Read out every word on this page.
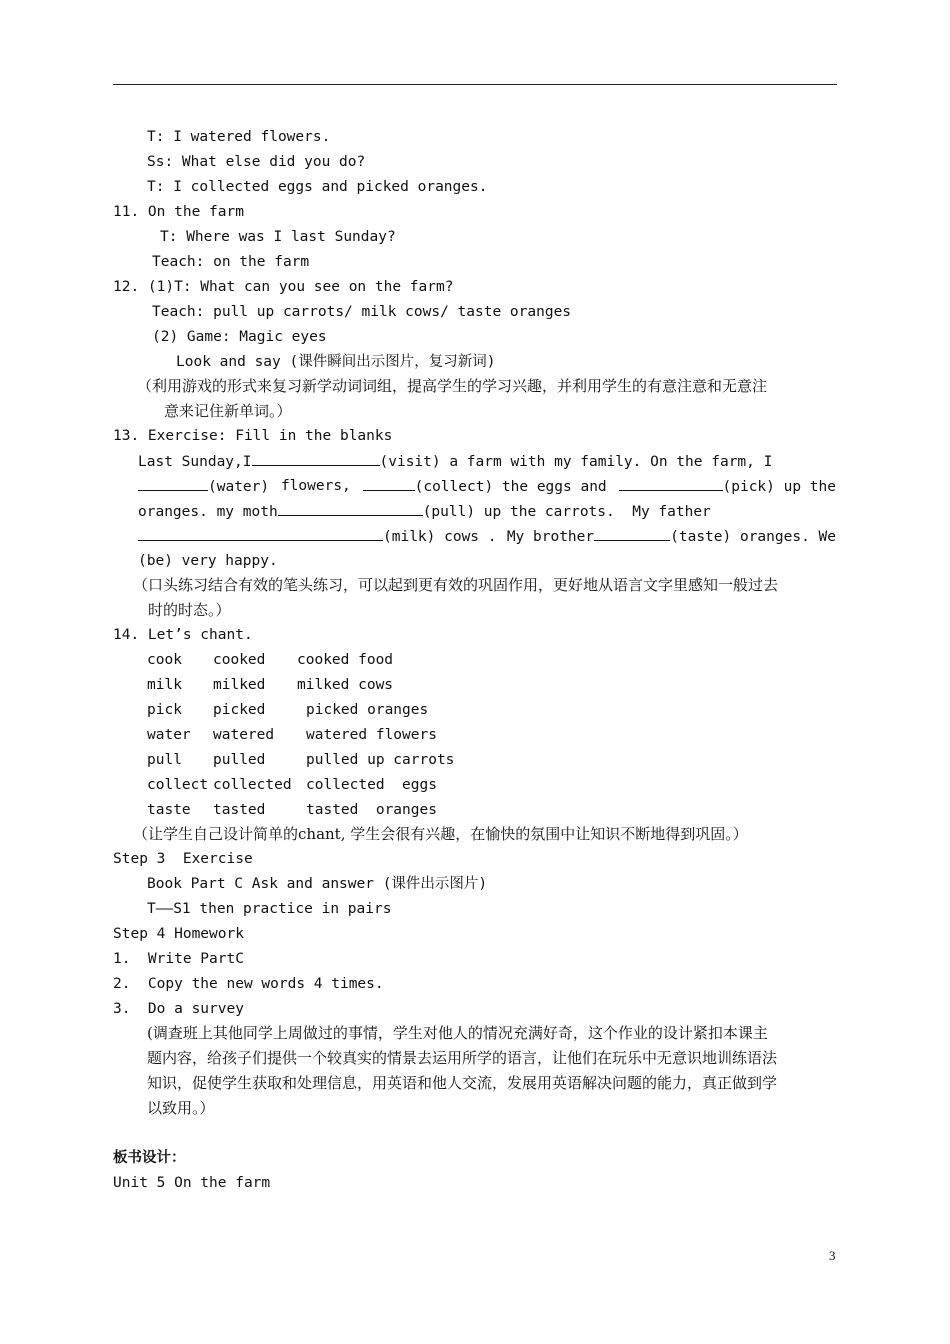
T: I watered flowers.
Ss: What else did you do?
T: I collected eggs and picked oranges.
11. On the farm
T: Where was I last Sunday?
Teach: on the farm
12. (1)T: What can you see on the farm?
Teach: pull up carrots/ milk cows/ taste oranges
(2) Game: Magic eyes
Look and say (课件瞬间出示图片，复习新词)
（利用游戏的形式来复习新学动词词组，提高学生的学习兴趣，并利用学生的有意注意和无意注
意来记住新单词。）
13. Exercise: Fill in the blanks
Last Sunday,I	(visit) a farm with my family. On the farm, I
(water) flowers,	(collect) the eggs and	(pick) up the
oranges. my moth	(pull) up the carrots. My father
(milk) cows . My brother	(taste) oranges. We
(be) very happy.
（口头练习结合有效的笔头练习，可以起到更有效的巩固作用，更好地从语言文字里感知一般过去
时的时态。）
14. Let’s chant.
cook cooked cooked food
milk milked milked cows
pick picked	picked oranges
water watered watered flowers
pull pulled	pulled up carrots
collect collected collected  eggs
taste tasted	tasted  oranges
（让学生自己设计简单的chant, 学生会很有兴趣，在愉快的氛围中让知识不断地得到巩固。）
Step 3  Exercise
Book Part C Ask and answer (课件出示图片)
T——S1 then practice in pairs
Step 4 Homework
1.  Write PartC
2.  Copy the new words 4 times.
3.  Do a survey
(调查班上其他同学上周做过的事情，学生对他人的情况充满好奇，这个作业的设计紧扣本课主
题内容，给孩子们提供一个较真实的情景去运用所学的语言，让他们在玩乐中无意识地训练语法
知识，促使学生获取和处理信息，用英语和他人交流，发展用英语解决问题的能力，真正做到学
以致用。）
板书设计：
Unit 5 On the farm
3
